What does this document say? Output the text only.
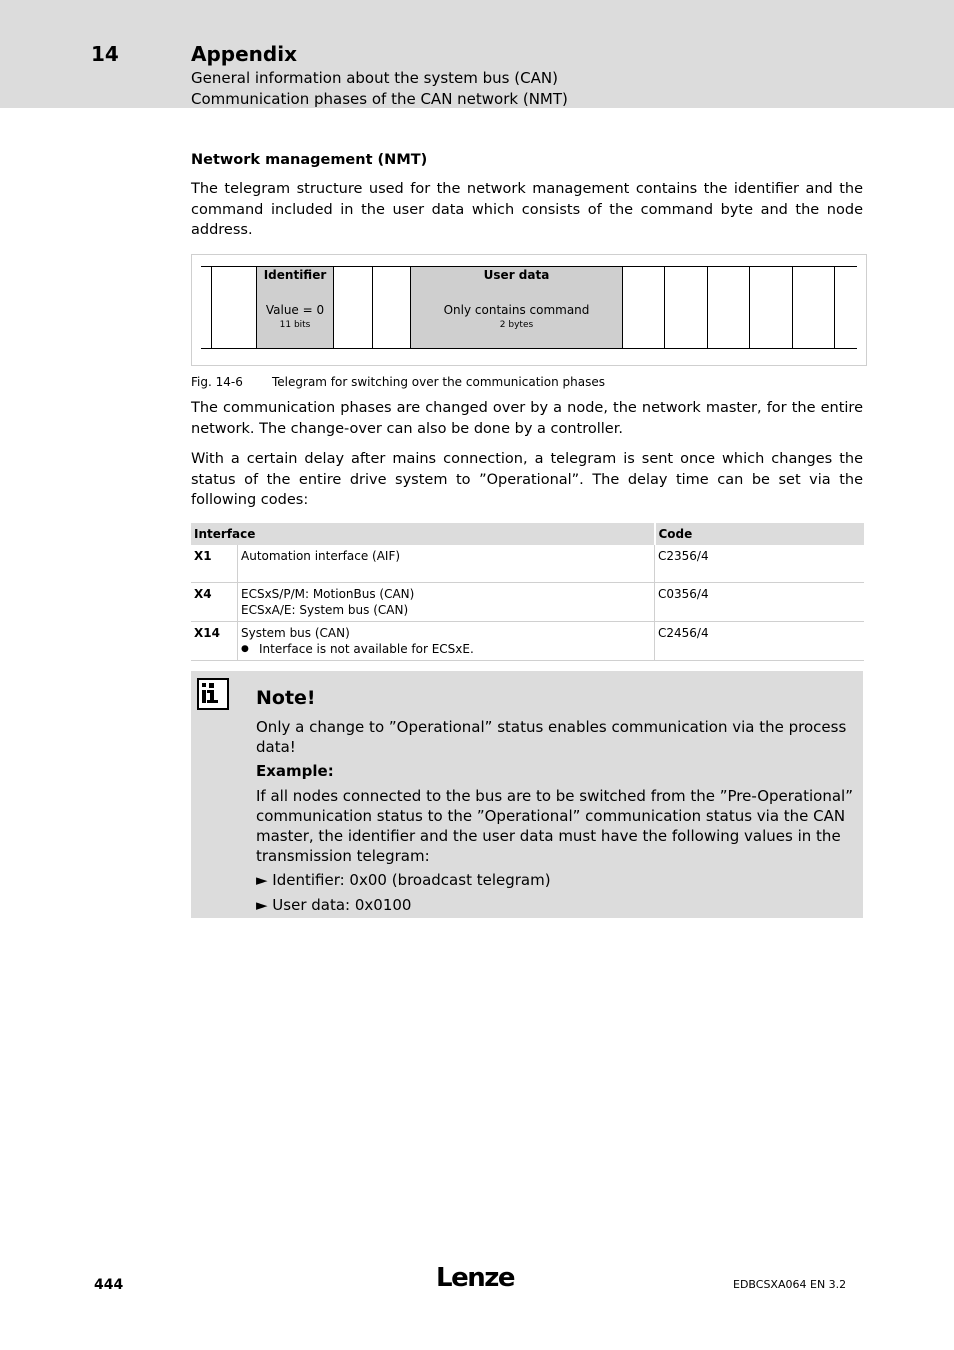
14	Appendix
General information about the system bus (CAN)
Communication phases of the CAN network (NMT)
Network management (NMT)
The telegram structure used for the network management contains the identifier and the command included in the user data which consists of the command byte and the node address.
Identifier
Value = 0
11 bits
User data
Only contains command
2 bytes
Fig. 14-6 Telegram for switching over the communication phases
The communication phases are changed over by a node, the network master, for the entire network. The change-over can also be done by a controller.
With a certain delay after mains connection, a telegram is sent once which changes the status of the entire drive system to ”Operational”. The delay time can be set via the following codes:
Interface		Code
X1	Automation interface (AIF)	C2356/4
X4	ECSxS/P/M: MotionBus (CAN)
ECSxA/E: System bus (CAN)	C0356/4
X14	System bus (CAN)
● Interface is not available for ECSxE.	C2456/4
Note!
Only a change to ”Operational” status enables communication via the process data!
Example:
If all nodes connected to the bus are to be switched from the ”Pre-Operational” communication status to the ”Operational” communication status via the CAN master, the identifier and the user data must have the following values in the transmission telegram:
► Identifier: 0x00 (broadcast telegram)
► User data: 0x0100
444	Lenze	EDBCSXA064 EN 3.2
